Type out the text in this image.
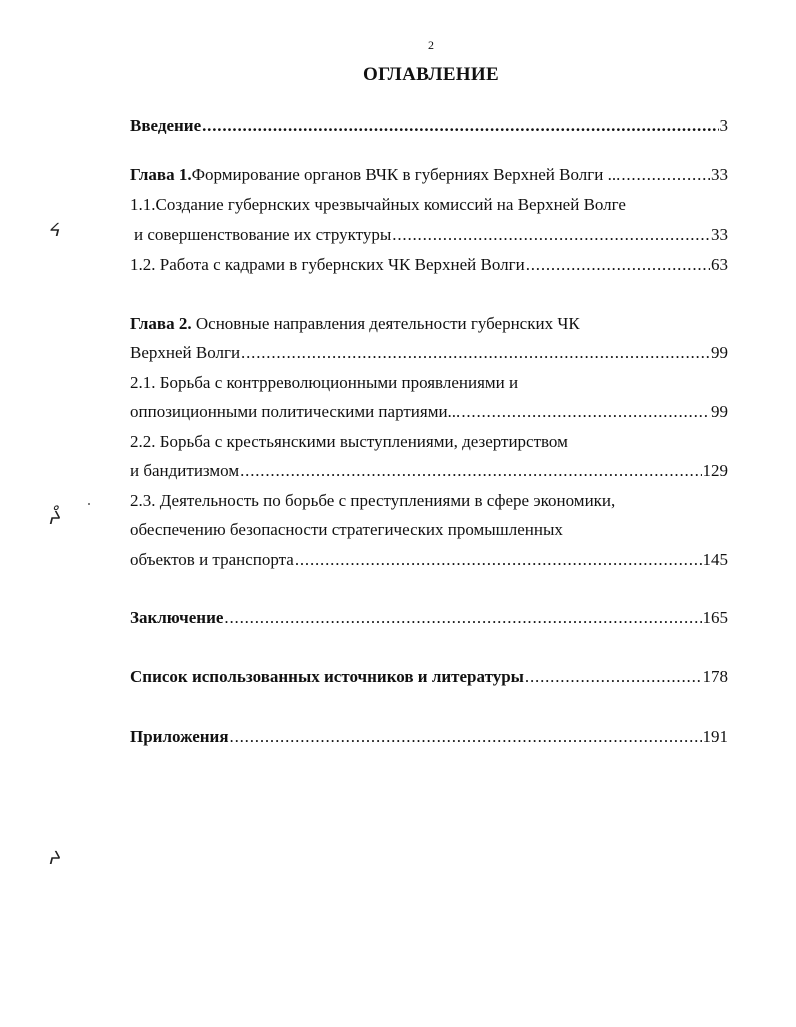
2
ОГЛАВЛЕНИЕ
Введение .....	3
Глава 1.Формирование органов ВЧК в губерниях Верхней Волги ... .....	33
1.1.Создание губернских чрезвычайных комиссий на Верхней Волге
и совершенствование их структуры .....	33
1.2. Работа с кадрами в губернских ЧК Верхней Волги .....	63
Глава 2. Основные направления деятельности губернских ЧК
Верхней Волги .....	99
2.1. Борьба с контрреволюционными проявлениями и
оппозиционными политическими партиями... .....	99
2.2. Борьба с крестьянскими выступлениями, дезертирством
и бандитизмом .....	129
2.3. Деятельность по борьбе с преступлениями в сфере экономики,
обеспечению безопасности стратегических промышленных
объектов и транспорта .....	145
Заключение .....	165
Список использованных источников и литературы .....	178
Приложения .....	191
ᔦ
ᔧ
ᔨ
